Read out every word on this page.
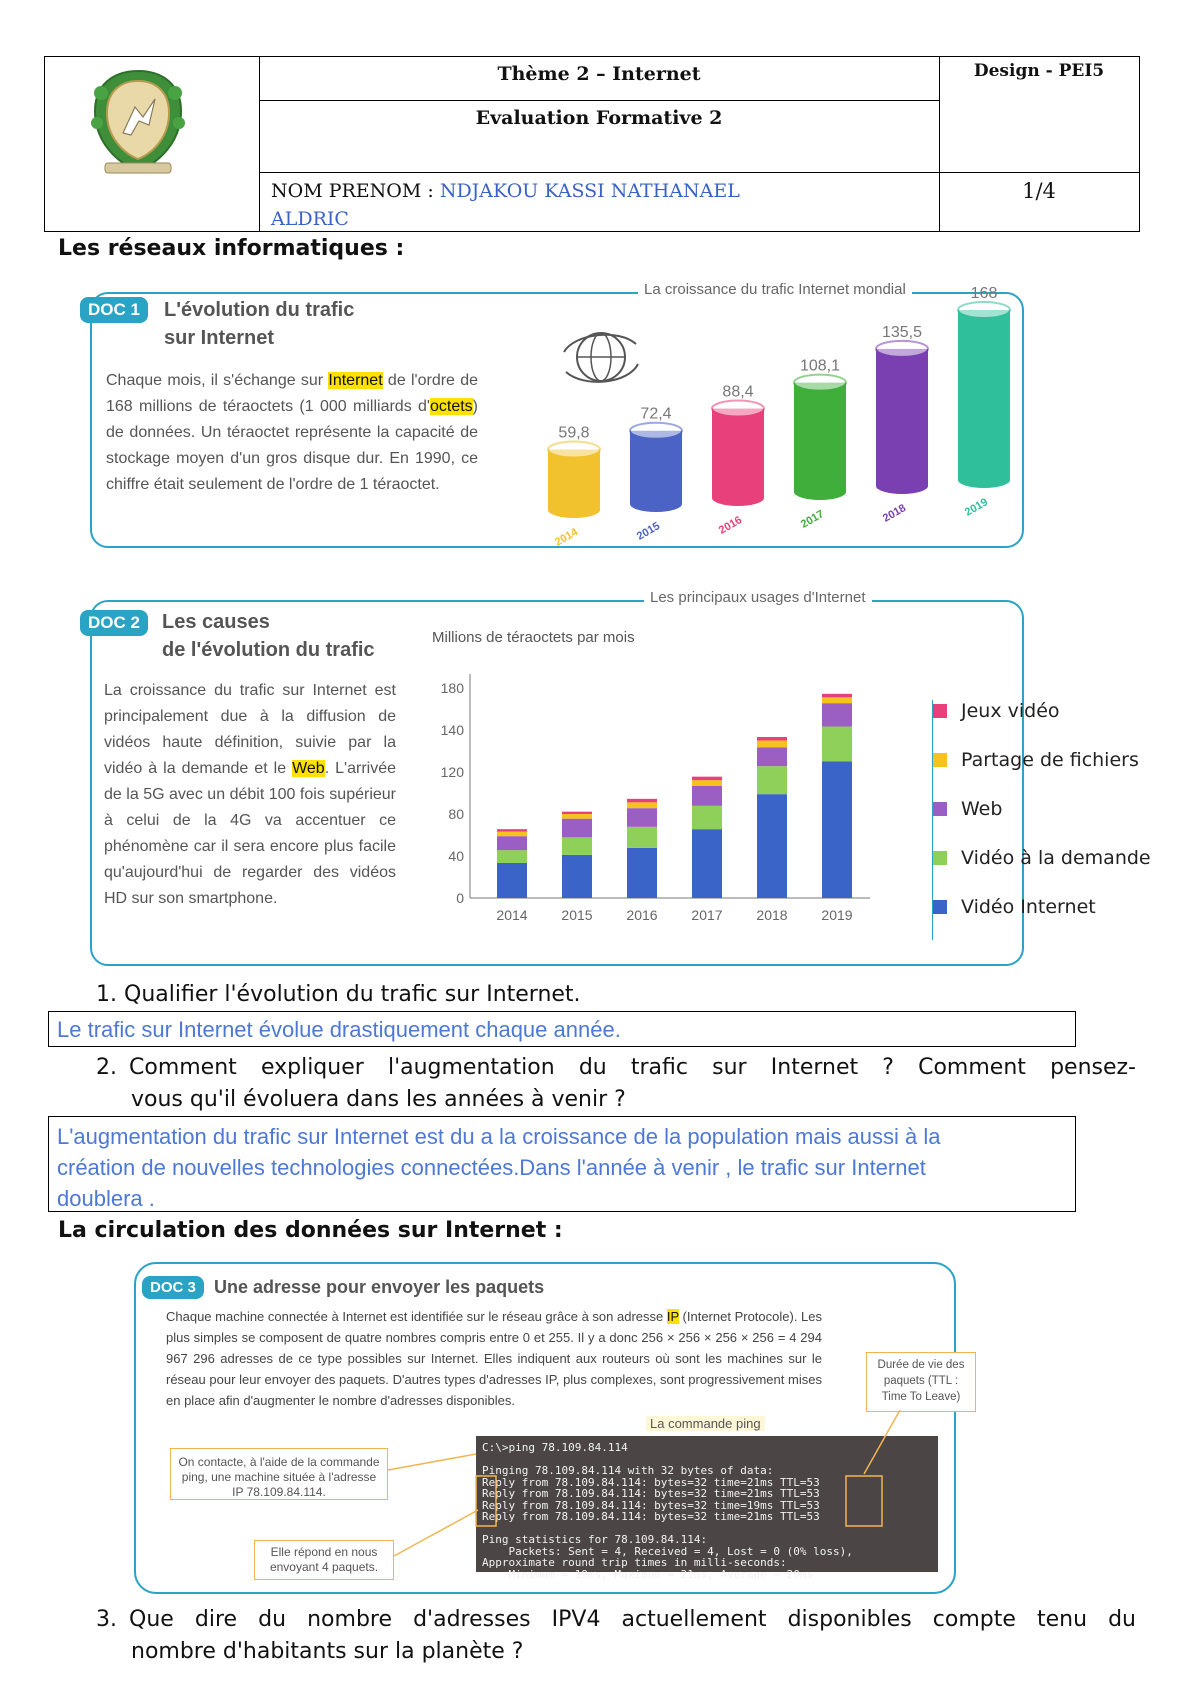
Thème 2 – Internet	Design - PEI5
Evaluation Formative 2
NOM PRENOM : NDJAKOU KASSI NATHANAEL
ALDRIC
1/4
Les réseaux informatiques :
La croissance du trafic Internet mondial
DOC 1	L'évolution du trafic
sur Internet
Chaque mois, il s'échange sur Internet de l'ordre de 168 millions de téraoctets (1 000 milliards d'octets) de données. Un téraoctet représente la capacité de stockage moyen d'un gros disque dur. En 1990, ce chiffre était seulement de l'ordre de 1 téraoctet.
59,8
2014
72,4
2015
88,4
2016
108,1
2017
135,5
2018
168
2019
Les principaux usages d'Internet
DOC 2	Les causes
de l'évolution du trafic
La croissance du trafic sur Internet est principalement due à la diffusion de vidéos haute définition, suivie par la vidéo à la demande et le Web. L'arrivée de la 5G avec un débit 100 fois supérieur à celui de la 4G va accentuer ce phénomène car il sera encore plus facile qu'aujourd'hui de regarder des vidéos HD sur son smartphone.
Millions de téraoctets par mois
0
40
80
120
140
180
2014 2015 2016 2017 2018 2019
Jeux vidéo
Partage de fichiers
Web
Vidéo à la demande
Vidéo Internet
1. Qualifier l'évolution du trafic sur Internet.
Le trafic sur Internet évolue drastiquement chaque année.
2. Comment expliquer l'augmentation du trafic sur Internet ? Comment pensez-
vous qu'il évoluera dans les années à venir ?
L'augmentation du trafic sur Internet est du a la croissance de la population mais aussi à la
création de nouvelles technologies connectées.Dans l'année à venir , le trafic sur Internet
doublera .
La circulation des données sur Internet :
DOC 3	Une adresse pour envoyer les paquets
Chaque machine connectée à Internet est identifiée sur le réseau grâce à son adresse IP (Internet Protocole). Les plus simples se composent de quatre nombres compris entre 0 et 255. Il y a donc 256 × 256 × 256 × 256 = 4 294 967 296 adresses de ce type possibles sur Internet. Elles indiquent aux routeurs où sont les machines sur le réseau pour leur envoyer des paquets. D'autres types d'adresses IP, plus complexes, sont progressivement mises en place afin d'augmenter le nombre d'adresses disponibles.
Durée de vie des paquets (TTL : Time To Leave)
La commande ping
C:\>ping 78.109.84.114

Pinging 78.109.84.114 with 32 bytes of data:
Reply from 78.109.84.114: bytes=32 time=21ms TTL=53
Reply from 78.109.84.114: bytes=32 time=21ms TTL=53
Reply from 78.109.84.114: bytes=32 time=19ms TTL=53
Reply from 78.109.84.114: bytes=32 time=21ms TTL=53

Ping statistics for 78.109.84.114:
Packets: Sent = 4, Received = 4, Lost = 0 (0% loss),
Approximate round trip times in milli-seconds:
Minimum = 19ms, Maximum = 21ms, Average = 20ms
On contacte, à l'aide de la commande ping, une machine située à l'adresse IP 78.109.84.114.
Elle répond en nous envoyant 4 paquets.
3. Que dire du nombre d'adresses IPV4 actuellement disponibles compte tenu du
nombre d'habitants sur la planète ?
